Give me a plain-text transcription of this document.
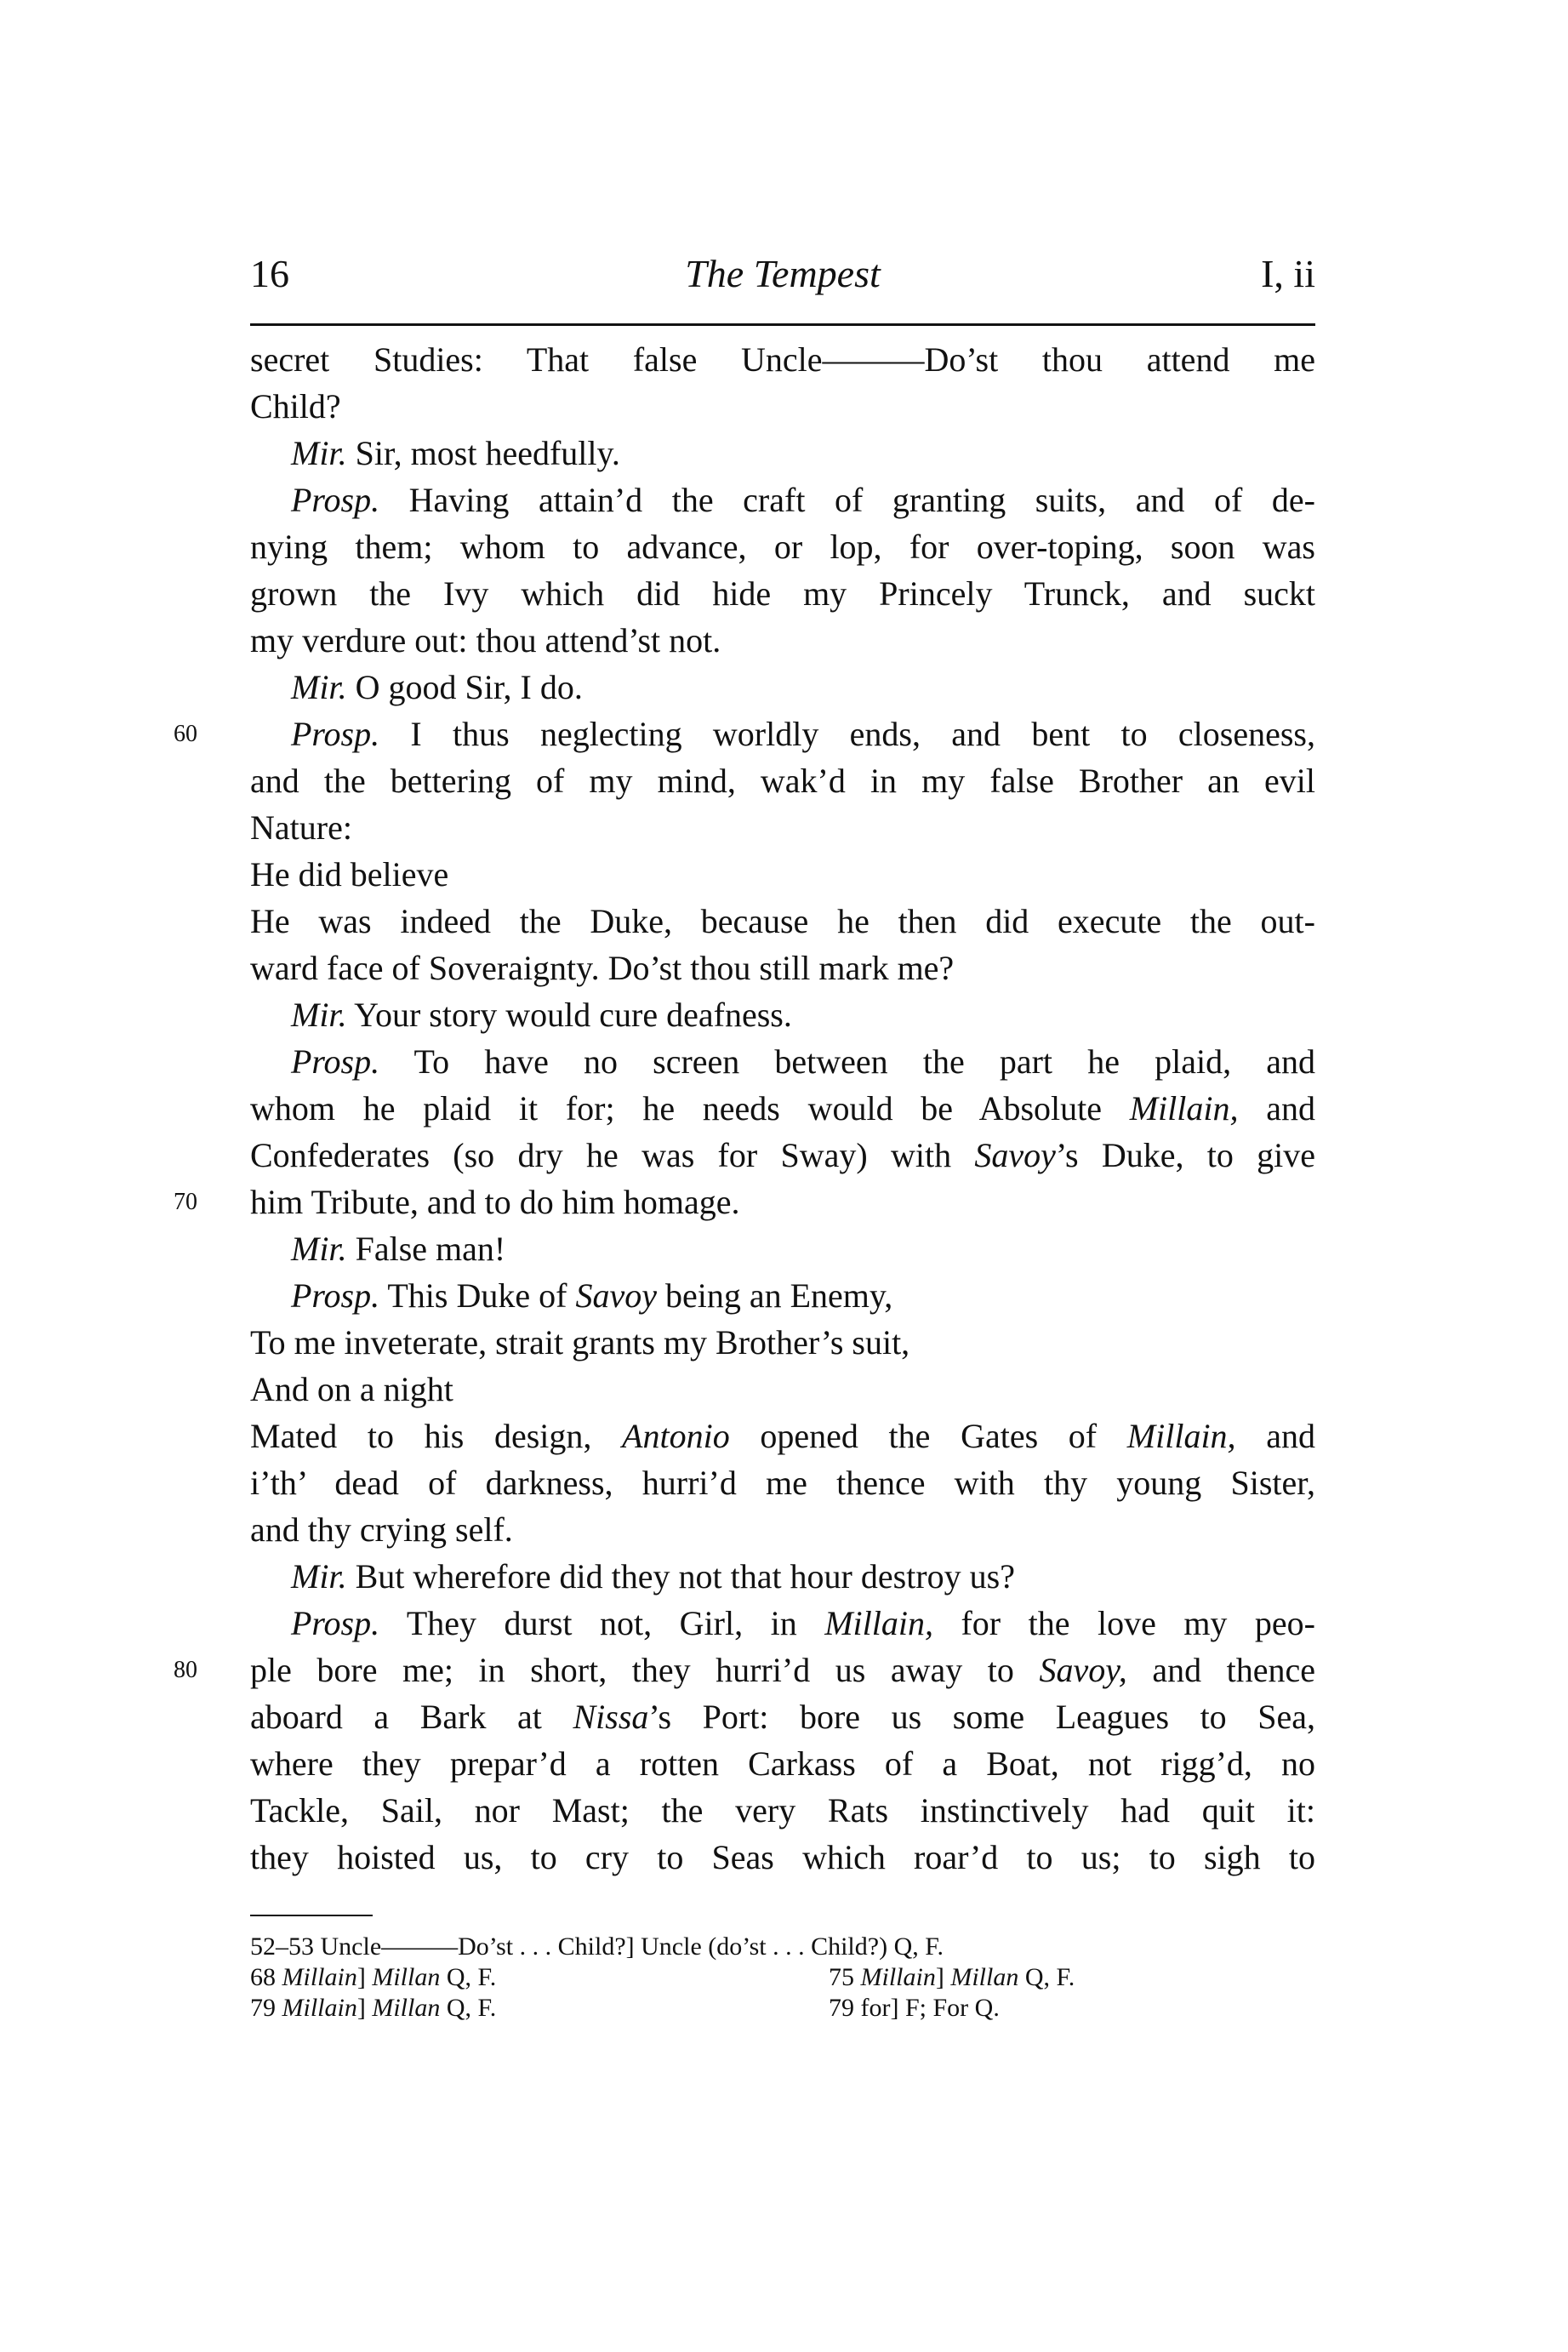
16	The Tempest	I, ii
secret Studies: That false Uncle———Do’st thou attend me
Child?
Mir. Sir, most heedfully.
Prosp. Having attain’d the craft of granting suits, and of de-
nying them; whom to advance, or lop, for over-toping, soon was
grown the Ivy which did hide my Princely Trunck, and suckt
my verdure out: thou attend’st not.
Mir. O good Sir, I do.
60	Prosp. I thus neglecting worldly ends, and bent to closeness,
and the bettering of my mind, wak’d in my false Brother an evil
Nature:
He did believe
He was indeed the Duke, because he then did execute the out-
ward face of Soveraignty. Do’st thou still mark me?
Mir. Your story would cure deafness.
Prosp. To have no screen between the part he plaid, and
whom he plaid it for; he needs would be Absolute Millain, and
Confederates (so dry he was for Sway) with Savoy’s Duke, to give
70	him Tribute, and to do him homage.
Mir. False man!
Prosp. This Duke of Savoy being an Enemy,
To me inveterate, strait grants my Brother’s suit,
And on a night
Mated to his design, Antonio opened the Gates of Millain, and
i’th’ dead of darkness, hurri’d me thence with thy young Sister,
and thy crying self.
Mir. But wherefore did they not that hour destroy us?
Prosp. They durst not, Girl, in Millain, for the love my peo-
80	ple bore me; in short, they hurri’d us away to Savoy, and thence
aboard a Bark at Nissa’s Port: bore us some Leagues to Sea,
where they prepar’d a rotten Carkass of a Boat, not rigg’d, no
Tackle, Sail, nor Mast; the very Rats instinctively had quit it:
they hoisted us, to cry to Seas which roar’d to us; to sigh to
52–53 Uncle———Do’st . . . Child?] Uncle (do’st . . . Child?) Q, F.
68 Millain] Millan Q, F.	75 Millain] Millan Q, F.
79 Millain] Millan Q, F.	79 for] F; For Q.
